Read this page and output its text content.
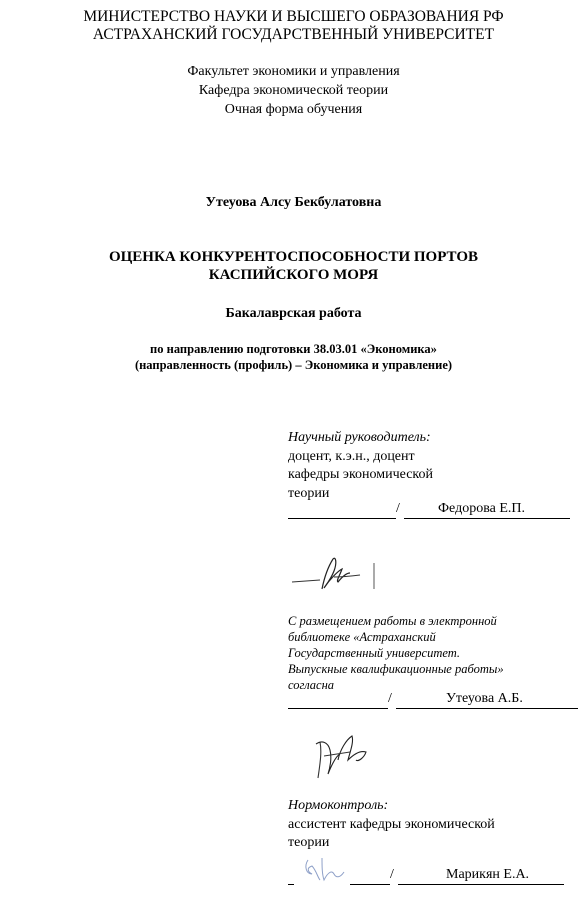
МИНИСТЕРСТВО НАУКИ И ВЫСШЕГО ОБРАЗОВАНИЯ РФ
АСТРАХАНСКИЙ ГОСУДАРСТВЕННЫЙ УНИВЕРСИТЕТ
Факультет экономики и управления
Кафедра экономической теории
Очная форма обучения
Утеуова Алсу Бекбулатовна
ОЦЕНКА КОНКУРЕНТОСПОСОБНОСТИ ПОРТОВ
КАСПИЙСКОГО МОРЯ
Бакалаврская работа
по направлению подготовки 38.03.01 «Экономика»
(направленность (профиль) – Экономика и управление)
Научный руководитель:
доцент, к.э.н., доцент
кафедры экономической
теории
/	Федорова Е.П.
С размещением работы в электронной
библиотеке «Астраханский
Государственный университет.
Выпускные квалификационные работы»
согласна
/	Утеуова А.Б.
Нормоконтроль:
ассистент кафедры экономической
теории
/	Марикян Е.А.
